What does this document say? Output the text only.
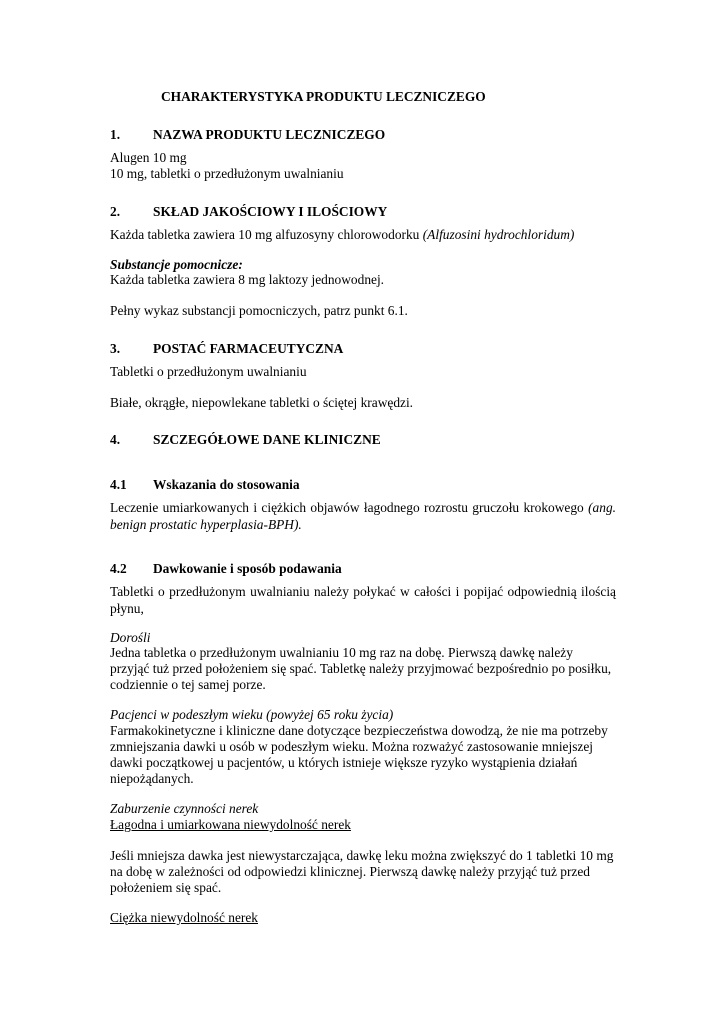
CHARAKTERYSTYKA PRODUKTU LECZNICZEGO
1. NAZWA PRODUKTU LECZNICZEGO
Alugen 10 mg
10 mg, tabletki o przedłużonym uwalnianiu
2. SKŁAD JAKOŚCIOWY I ILOŚCIOWY
Każda tabletka zawiera 10 mg alfuzosyny chlorowodorku (Alfuzosini hydrochloridum)
Substancje pomocnicze:
Każda tabletka zawiera 8 mg laktozy jednowodnej.
Pełny wykaz substancji pomocniczych, patrz punkt 6.1.
3. POSTAĆ FARMACEUTYCZNA
Tabletki o przedłużonym uwalnianiu
Białe, okrągłe, niepowlekane tabletki o ściętej krawędzi.
4. SZCZEGÓŁOWE DANE KLINICZNE
4.1 Wskazania do stosowania
Leczenie umiarkowanych i ciężkich objawów łagodnego rozrostu gruczołu krokowego (ang. benign prostatic hyperplasia-BPH).
4.2 Dawkowanie i sposób podawania
Tabletki o przedłużonym uwalnianiu należy połykać w całości i popijać odpowiednią ilością płynu,
Dorośli
Jedna tabletka o przedłużonym uwalnianiu 10 mg raz na dobę. Pierwszą dawkę należy
przyjąć tuż przed położeniem się spać. Tabletkę należy przyjmować bezpośrednio po posiłku,
codziennie o tej samej porze.
Pacjenci w podeszłym wieku (powyżej 65 roku życia)
Farmakokinetyczne i kliniczne dane dotyczące bezpieczeństwa dowodzą, że nie ma potrzeby
zmniejszania dawki u osób w podeszłym wieku. Można rozważyć zastosowanie mniejszej
dawki początkowej u pacjentów, u których istnieje większe ryzyko wystąpienia działań
niepożądanych.
Zaburzenie czynności nerek
Łagodna i umiarkowana niewydolność nerek
Jeśli mniejsza dawka jest niewystarczająca, dawkę leku można zwiększyć do 1 tabletki 10 mg
na dobę w zależności od odpowiedzi klinicznej. Pierwszą dawkę należy przyjąć tuż przed
położeniem się spać.
Ciężka niewydolność nerek
